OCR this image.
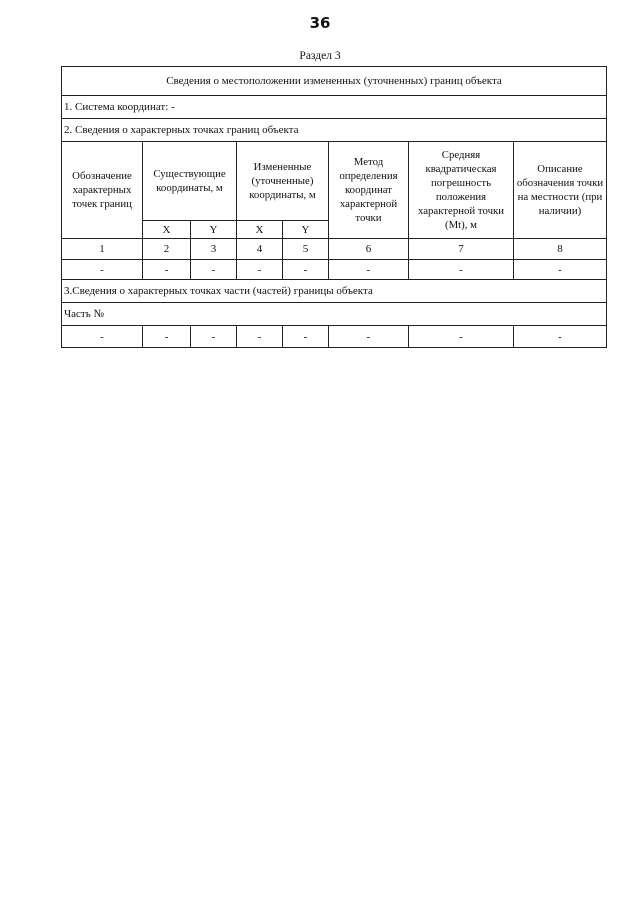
36
Раздел 3
Сведения о местоположении измененных (уточненных) границ объекта							
1. Система координат: -							
2. Сведения о характерных точках границ объекта							
Обозначение характерных точек границ	Существующие координаты, м		Измененные (уточненные) координаты, м		Метод определения координат характерной точки	Средняя квадратическая погрешность положения характерной точки (Mt), м	Описание обозначения точки на местности (при наличии)
	X	Y	X	Y			
1	2	3	4	5	6	7	8
-	-	-	-	-	-	-	-
3.Сведения о характерных точках части (частей) границы объекта							
Часть №							
-	-	-	-	-	-	-	-
